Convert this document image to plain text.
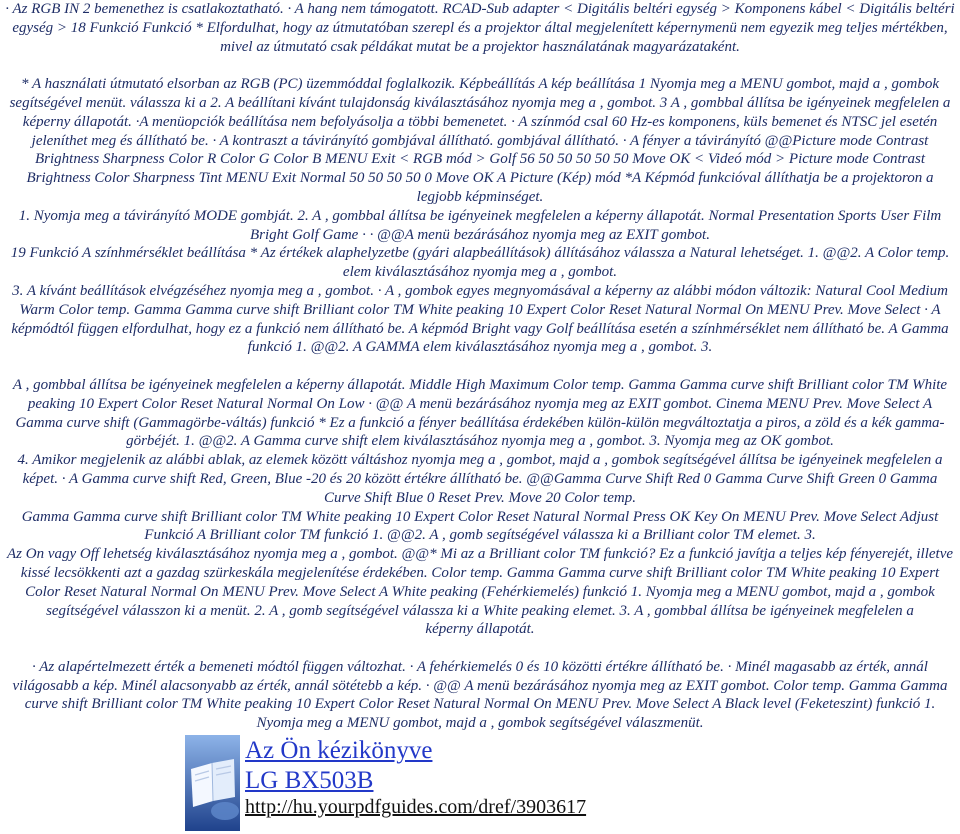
· Az RGB IN 2 bemenethez is csatlakoztatható. · A hang nem támogatott. RCAD-Sub adapter < Digitális beltéri egység > Komponens kábel < Digitális beltéri
egység > 18 Funkció Funkció * Elfordulhat, hogy az útmutatóban szerepl és a projektor által megjelenített képernymenü nem egyezik meg teljes mértékben,
mivel az útmutató csak példákat mutat be a projektor használatának magyarázataként.
* A használati útmutató elsorban az RGB (PC) üzemmóddal foglalkozik. Képbeállítás A kép beállítása 1 Nyomja meg a MENU gombot, majd a , gombok
segítségével menüt. válassza ki a 2. A beállítani kívánt tulajdonság kiválasztásához nyomja meg a , gombot. 3 A , gombbal állítsa be igényeinek megfelelen a
képerny állapotát. ·A menüopciók beállítása nem befolyásolja a többi bemenetet. · A színmód csal 60 Hz-es komponens, küls bemenet és NTSC jel esetén
jeleníthet meg és állítható be. · A kontraszt a távirányító gombjával állítható. gombjával állítható. · A fényer a távirányító @@Picture mode Contrast
Brightness Sharpness Color R Color G Color B MENU Exit < RGB mód > Golf 56 50 50 50 50 50 Move OK < Videó mód > Picture mode Contrast
Brightness Color Sharpness Tint MENU Exit Normal 50 50 50 50 0 Move OK A Picture (Kép) mód *A Képmód funkcióval állíthatja be a projektoron a
legjobb képminséget.
1. Nyomja meg a távirányító MODE gombját. 2. A , gombbal állítsa be igényeinek megfelelen a képerny állapotát. Normal Presentation Sports User Film
Bright Golf Game · · @@A menü bezárásához nyomja meg az EXIT gombot.
19 Funkció A színhmérséklet beállítása * Az értékek alaphelyzetbe (gyári alapbeállítások) állításához válassza a Natural lehetséget. 1. @@2. A Color temp.
elem kiválasztásához nyomja meg a , gombot.
3. A kívánt beállítások elvégzéséhez nyomja meg a , gombot. · A , gombok egyes megnyomásával a képerny az alábbi módon változik: Natural Cool Medium
Warm Color temp. Gamma Gamma curve shift Brilliant color TM White peaking 10 Expert Color Reset Natural Normal On MENU Prev. Move Select · A
képmódtól függen elfordulhat, hogy ez a funkció nem állítható be. A képmód Bright vagy Golf beállítása esetén a színhmérséklet nem állítható be. A Gamma
funkció 1. @@2. A GAMMA elem kiválasztásához nyomja meg a , gombot. 3.
A , gombbal állítsa be igényeinek megfelelen a képerny állapotát. Middle High Maximum Color temp. Gamma Gamma curve shift Brilliant color TM White
peaking 10 Expert Color Reset Natural Normal On Low · @@ A menü bezárásához nyomja meg az EXIT gombot. Cinema MENU Prev. Move Select A
Gamma curve shift (Gammagörbe-váltás) funkció * Ez a funkció a fényer beállítása érdekében külön-külön megváltoztatja a piros, a zöld és a kék gamma-
görbéjét. 1. @@2. A Gamma curve shift elem kiválasztásához nyomja meg a , gombot. 3. Nyomja meg az OK gombot.
4. Amikor megjelenik az alábbi ablak, az elemek között váltáshoz nyomja meg a , gombot, majd a , gombok segítségével állítsa be igényeinek megfelelen a
képet. · A Gamma curve shift Red, Green, Blue -20 és 20 között értékre állítható be. @@Gamma Curve Shift Red 0 Gamma Curve Shift Green 0 Gamma
Curve Shift Blue 0 Reset Prev. Move 20 Color temp.
Gamma Gamma curve shift Brilliant color TM White peaking 10 Expert Color Reset Natural Normal Press OK Key On MENU Prev. Move Select Adjust
Funkció A Brilliant color TM funkció 1. @@2. A , gomb segítségével válassza ki a Brilliant color TM elemet. 3.
Az On vagy Off lehetség kiválasztásához nyomja meg a , gombot. @@* Mi az a Brilliant color TM funkció? Ez a funkció javítja a teljes kép fényerejét, illetve
kissé lecsökkenti azt a gazdag szürkeskála megjelenítése érdekében. Color temp. Gamma Gamma curve shift Brilliant color TM White peaking 10 Expert
Color Reset Natural Normal On MENU Prev. Move Select A White peaking (Fehérkiemelés) funkció 1. Nyomja meg a MENU gombot, majd a , gombok
segítségével válasszon ki a menüt. 2. A , gomb segítségével válassza ki a White peaking elemet. 3. A , gombbal állítsa be igényeinek megfelelen a
képerny állapotát.
· Az alapértelmezett érték a bemeneti módtól függen változhat. · A fehérkiemelés 0 és 10 közötti értékre állítható be. · Minél magasabb az érték, annál
világosabb a kép. Minél alacsonyabb az érték, annál sötétebb a kép. · @@ A menü bezárásához nyomja meg az EXIT gombot. Color temp. Gamma Gamma
curve shift Brilliant color TM White peaking 10 Expert Color Reset Natural Normal On MENU Prev. Move Select A Black level (Feketeszint) funkció 1.
Nyomja meg a MENU gombot, majd a , gombok segítségével válaszmenüt.
Az Ön kézikönyve
LG BX503B
http://hu.yourpdfguides.com/dref/3903617
